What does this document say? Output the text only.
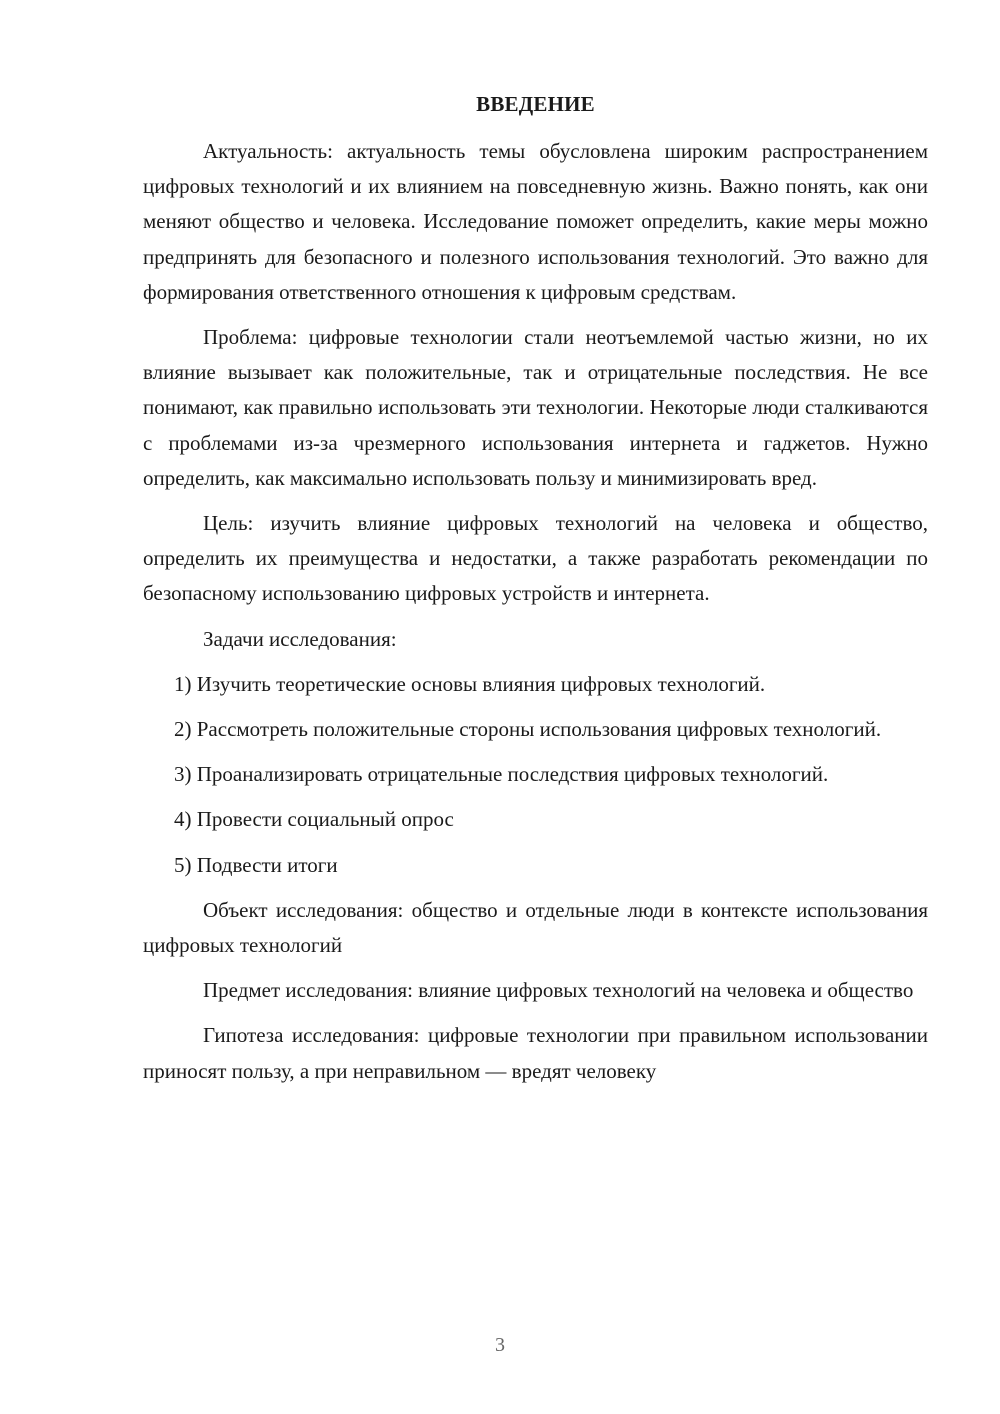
ВВЕДЕНИЕ

Актуальность: актуальность темы обусловлена широким распространением цифровых технологий и их влиянием на повседневную жизнь. Важно понять, как они меняют общество и человека. Исследование поможет определить, какие меры можно предпринять для безопасного и полезного использования технологий. Это важно для формирования ответственного отношения к цифровым средствам.

Проблема: цифровые технологии стали неотъемлемой частью жизни, но их влияние вызывает как положительные, так и отрицательные последствия. Не все понимают, как правильно использовать эти технологии. Некоторые люди сталкиваются с проблемами из-за чрезмерного использования интернета и гаджетов. Нужно определить, как максимально использовать пользу и минимизировать вред.

Цель: изучить влияние цифровых технологий на человека и общество, определить их преимущества и недостатки, а также разработать рекомендации по безопасному использованию цифровых устройств и интернета.

Задачи исследования:

1) Изучить теоретические основы влияния цифровых технологий.

2) Рассмотреть положительные стороны использования цифровых технологий.

3) Проанализировать отрицательные последствия цифровых технологий.

4) Провести социальный опрос

5) Подвести итоги

Объект исследования: общество и отдельные люди в контексте использования цифровых технологий

Предмет исследования: влияние цифровых технологий на человека и общество

Гипотеза исследования: цифровые технологии при правильном использовании приносят пользу, а при неправильном — вредят человеку

3
